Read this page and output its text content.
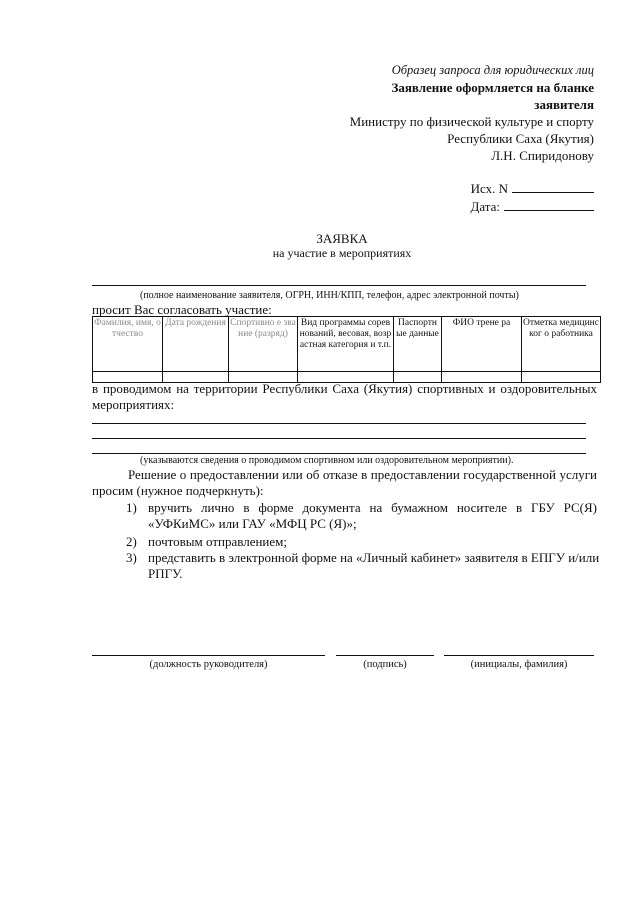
Образец запроса для юридических лиц
Заявление оформляется на бланке
заявителя
Министру по физической культуре и спорту
Республики Саха (Якутия)
Л.Н. Спиридонову
Исх. N
Дата:
ЗАЯВКА
на участие в мероприятиях
(полное наименование заявителя, ОГРН, ИНН/КПП, телефон, адрес электронной почты)
просит Вас согласовать участие:
Фамилия, имя, отчество	Дата рождения	Спортивно е звание (разряд)	Вид программы соревнований, весовая, возрастная категория и т.п.	Паспортн ые данные	ФИО трене ра	Отметка медицинског о работника

в проводимом на территории Республики Саха (Якутия) спортивных и оздоровительных
мероприятиях:
(указываются сведения о проводимом спортивном или оздоровительном мероприятии).
Решение о предоставлении или об отказе в предоставлении государственной услуги
просим (нужное подчеркнуть):
1) вручить лично в форме документа на бумажном носителе в ГБУ РС(Я)
«УФКиМС» или ГАУ «МФЦ РС (Я)»;
2) почтовым отправлением;
3) представить в электронной форме на «Личный кабинет» заявителя в ЕПГУ и/или
РПГУ.
(должность руководителя)	(подпись)	(инициалы, фамилия)
